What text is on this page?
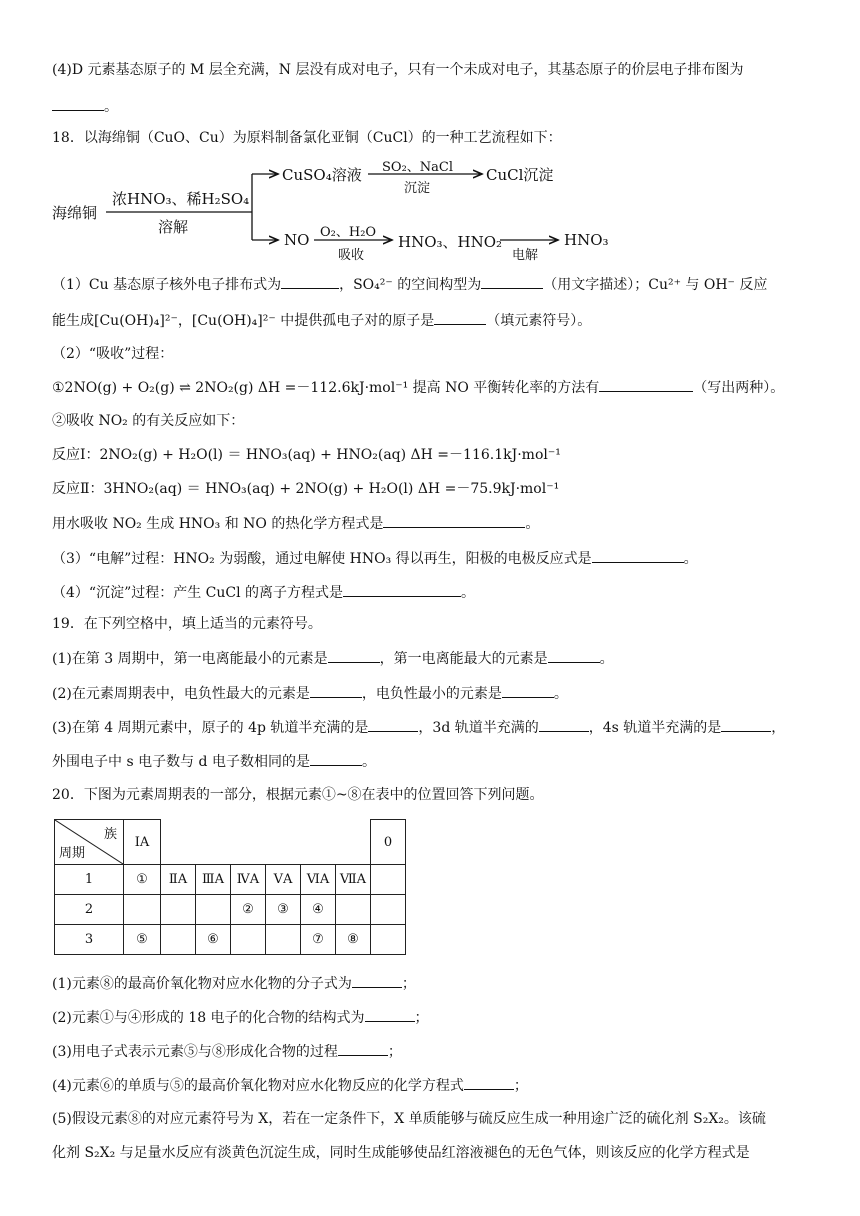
(4)D 元素基态原子的 M 层全充满，N 层没有成对电子，只有一个未成对电子，其基态原子的价层电子排布图为
。
18．以海绵铜（CuO、Cu）为原料制备氯化亚铜（CuCl）的一种工艺流程如下：
海绵铜
浓HNO₃、稀H₂SO₄
溶解
CuSO₄溶液 SO₂、NaCl
沉淀
CuCl沉淀
NO O₂、H₂O
吸收
HNO₃、HNO₂
电解
HNO₃
（1）Cu 基态原子核外电子排布式为	，SO₄²⁻ 的空间构型为	（用文字描述）；Cu²⁺ 与 OH⁻ 反应
能生成[Cu(OH)₄]²⁻，[Cu(OH)₄]²⁻ 中提供孤电子对的原子是	（填元素符号）。
（2）“吸收”过程：
①2NO(g) + O₂(g) ⇌ 2NO₂(g) ΔH =－112.6kJ·mol⁻¹ 提高 NO 平衡转化率的方法有	（写出两种）。
②吸收 NO₂ 的有关反应如下：
反应Ⅰ：2NO₂(g) + H₂O(l) ＝ HNO₃(aq) + HNO₂(aq) ΔH =－116.1kJ·mol⁻¹
反应Ⅱ：3HNO₂(aq) ＝ HNO₃(aq) + 2NO(g) + H₂O(l) ΔH =－75.9kJ·mol⁻¹
用水吸收 NO₂ 生成 HNO₃ 和 NO 的热化学方程式是	。
（3）“电解”过程：HNO₂ 为弱酸，通过电解使 HNO₃ 得以再生，阳极的电极反应式是	。
（4）“沉淀”过程：产生 CuCl 的离子方程式是	。
19．在下列空格中，填上适当的元素符号。
(1)在第 3 周期中，第一电离能最小的元素是	，第一电离能最大的元素是	。
(2)在元素周期表中，电负性最大的元素是	，电负性最小的元素是	。
(3)在第 4 周期元素中，原子的 4p 轨道半充满的是	，3d 轨道半充满的	，4s 轨道半充满的是	，
外围电子中 s 电子数与 d 电子数相同的是	。
20．下图为元素周期表的一部分，根据元素①~⑧在表中的位置回答下列问题。
族
周期	ⅠA							0
1	①	ⅡA	ⅢA	ⅣA	ⅤA	ⅥA	ⅦA	
2				②	③	④		
3	⑤		⑥			⑦	⑧	
(1)元素⑧的最高价氧化物对应水化物的分子式为	；
(2)元素①与④形成的 18 电子的化合物的结构式为	；
(3)用电子式表示元素⑤与⑧形成化合物的过程	；
(4)元素⑥的单质与⑤的最高价氧化物对应水化物反应的化学方程式	；
(5)假设元素⑧的对应元素符号为 X，若在一定条件下，X 单质能够与硫反应生成一种用途广泛的硫化剂 S₂X₂。该硫
化剂 S₂X₂ 与足量水反应有淡黄色沉淀生成，同时生成能够使品红溶液褪色的无色气体，则该反应的化学方程式是
